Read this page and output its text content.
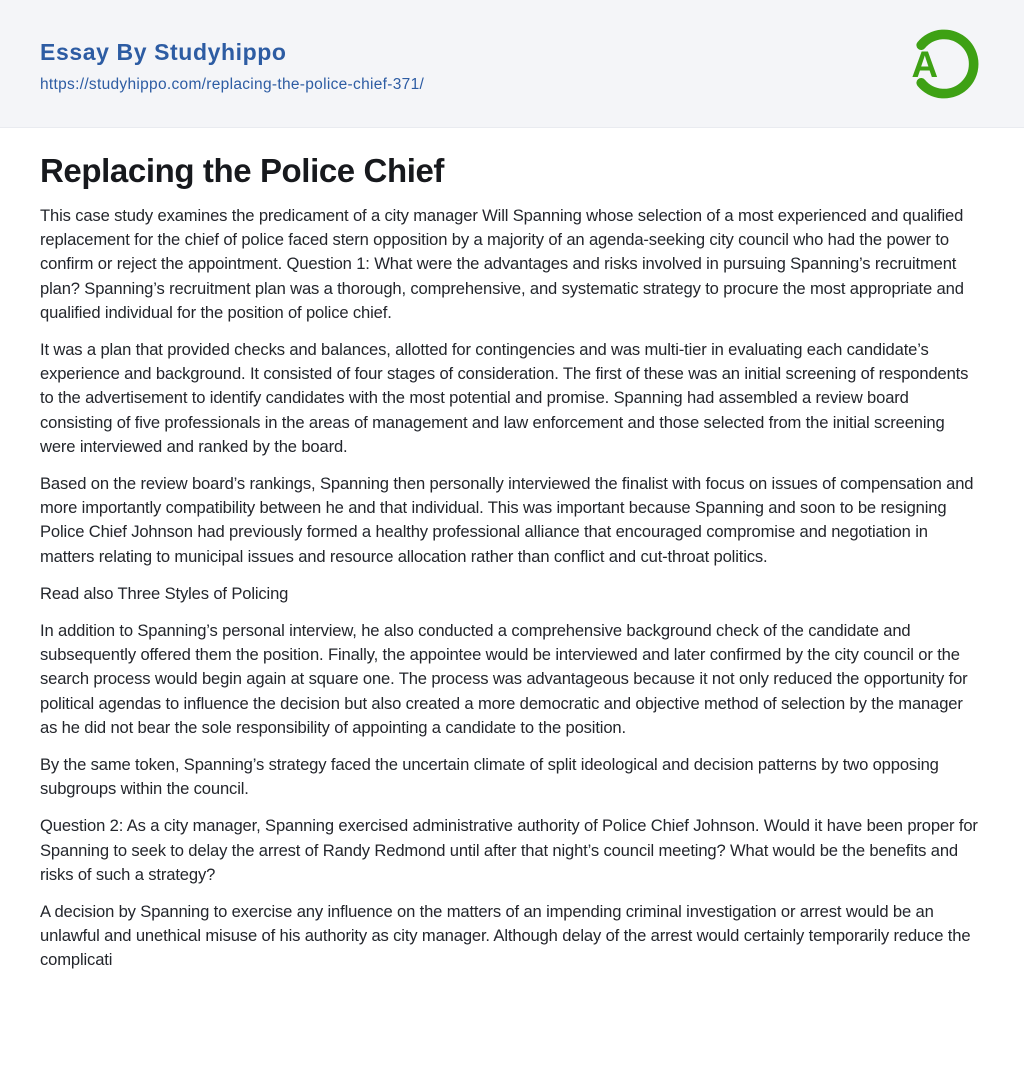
Essay By Studyhippo
https://studyhippo.com/replacing-the-police-chief-371/
A
Replacing the Police Chief

This case study examines the predicament of a city manager Will Spanning whose selection of a most experienced and qualified replacement for the chief of police faced stern opposition by a majority of an agenda-seeking city council who had the power to confirm or reject the appointment. Question 1: What were the advantages and risks involved in pursuing Spanning’s recruitment plan? Spanning’s recruitment plan was a thorough, comprehensive, and systematic strategy to procure the most appropriate and qualified individual for the position of police chief.

It was a plan that provided checks and balances, allotted for contingencies and was multi-tier in evaluating each candidate’s experience and background. It consisted of four stages of consideration. The first of these was an initial screening of respondents to the advertisement to identify candidates with the most potential and promise. Spanning had assembled a review board consisting of five professionals in the areas of management and law enforcement and those selected from the initial screening were interviewed and ranked by the board.

Based on the review board’s rankings, Spanning then personally interviewed the finalist with focus on issues of compensation and more importantly compatibility between he and that individual. This was important because Spanning and soon to be resigning Police Chief Johnson had previously formed a healthy professional alliance that encouraged compromise and negotiation in matters relating to municipal issues and resource allocation rather than conflict and cut-throat politics.

Read also Three Styles of Policing

In addition to Spanning’s personal interview, he also conducted a comprehensive background check of the candidate and subsequently offered them the position. Finally, the appointee would be interviewed and later confirmed by the city council or the search process would begin again at square one. The process was advantageous because it not only reduced the opportunity for political agendas to influence the decision but also created a more democratic and objective method of selection by the manager as he did not bear the sole responsibility of appointing a candidate to the position.

By the same token, Spanning’s strategy faced the uncertain climate of split ideological and decision patterns by two opposing subgroups within the council.

Question 2: As a city manager, Spanning exercised administrative authority of Police Chief Johnson. Would it have been proper for Spanning to seek to delay the arrest of Randy Redmond until after that night’s council meeting? What would be the benefits and risks of such a strategy?

A decision by Spanning to exercise any influence on the matters of an impending criminal investigation or arrest would be an unlawful and unethical misuse of his authority as city manager. Although delay of the arrest would certainly temporarily reduce the complicati
